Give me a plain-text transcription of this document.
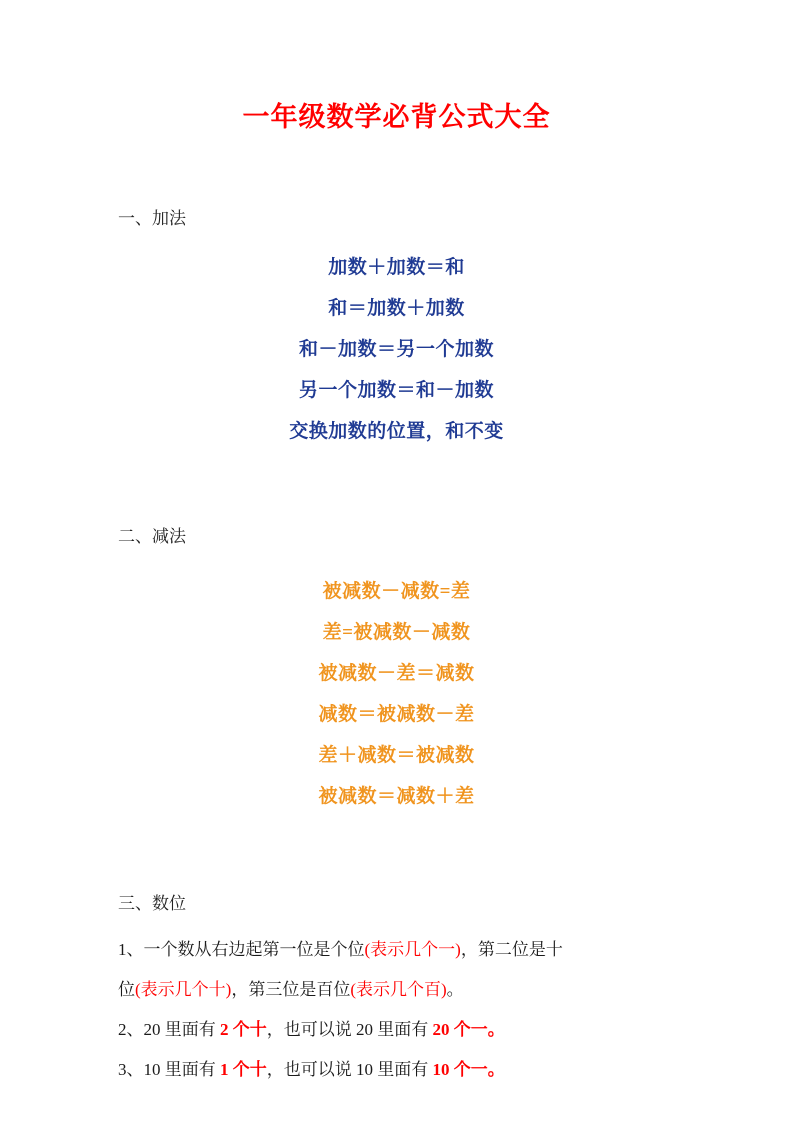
一年级数学必背公式大全
一、加法
加数＋加数＝和
和＝加数＋加数
和－加数＝另一个加数
另一个加数＝和－加数
交换加数的位置，和不变
二、减法
被减数－减数=差
差=被减数－减数
被减数－差＝减数
减数＝被减数－差
差＋减数＝被减数
被减数＝减数＋差
三、数位
1、一个数从右边起第一位是个位(表示几个一)，第二位是十
位(表示几个十)，第三位是百位(表示几个百)。
2、20 里面有 2 个十，也可以说 20 里面有 20 个一。
3、10 里面有 1 个十，也可以说 10 里面有 10 个一。
